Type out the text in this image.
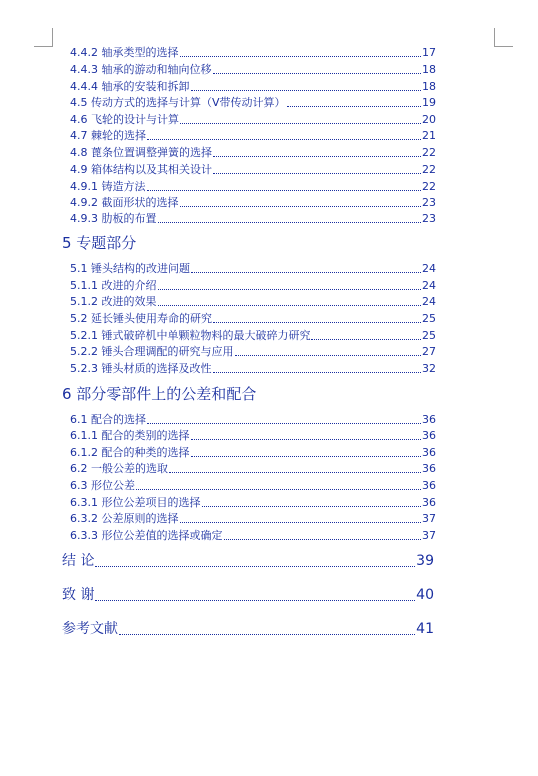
4.4.2 轴承类型的选择	17
4.4.3 轴承的游动和轴向位移	18
4.4.4 轴承的安装和拆卸	18
4.5 传动方式的选择与计算（V带传动计算）	19
4.6 飞轮的设计与计算	20
4.7 棘轮的选择	21
4.8 蓖条位置调整弹簧的选择	22
4.9 箱体结构以及其相关设计	22
4.9.1 铸造方法	22
4.9.2 截面形状的选择	23
4.9.3 肋板的布置	23
5 专题部分
5.1 锤头结构的改进问题	24
5.1.1 改进的介绍	24
5.1.2 改进的效果	24
5.2 延长锤头使用寿命的研究	25
5.2.1 锤式破碎机中单颗粒物料的最大破碎力研究	25
5.2.2 锤头合理调配的研究与应用	27
5.2.3 锤头材质的选择及改性	32
6 部分零部件上的公差和配合
6.1 配合的选择	36
6.1.1 配合的类别的选择	36
6.1.2 配合的种类的选择	36
6.2 一般公差的选取	36
6.3 形位公差	36
6.3.1 形位公差项目的选择	36
6.3.2 公差原则的选择	37
6.3.3 形位公差值的选择或确定	37
结 论	39
致 谢	40
参考文献	41
